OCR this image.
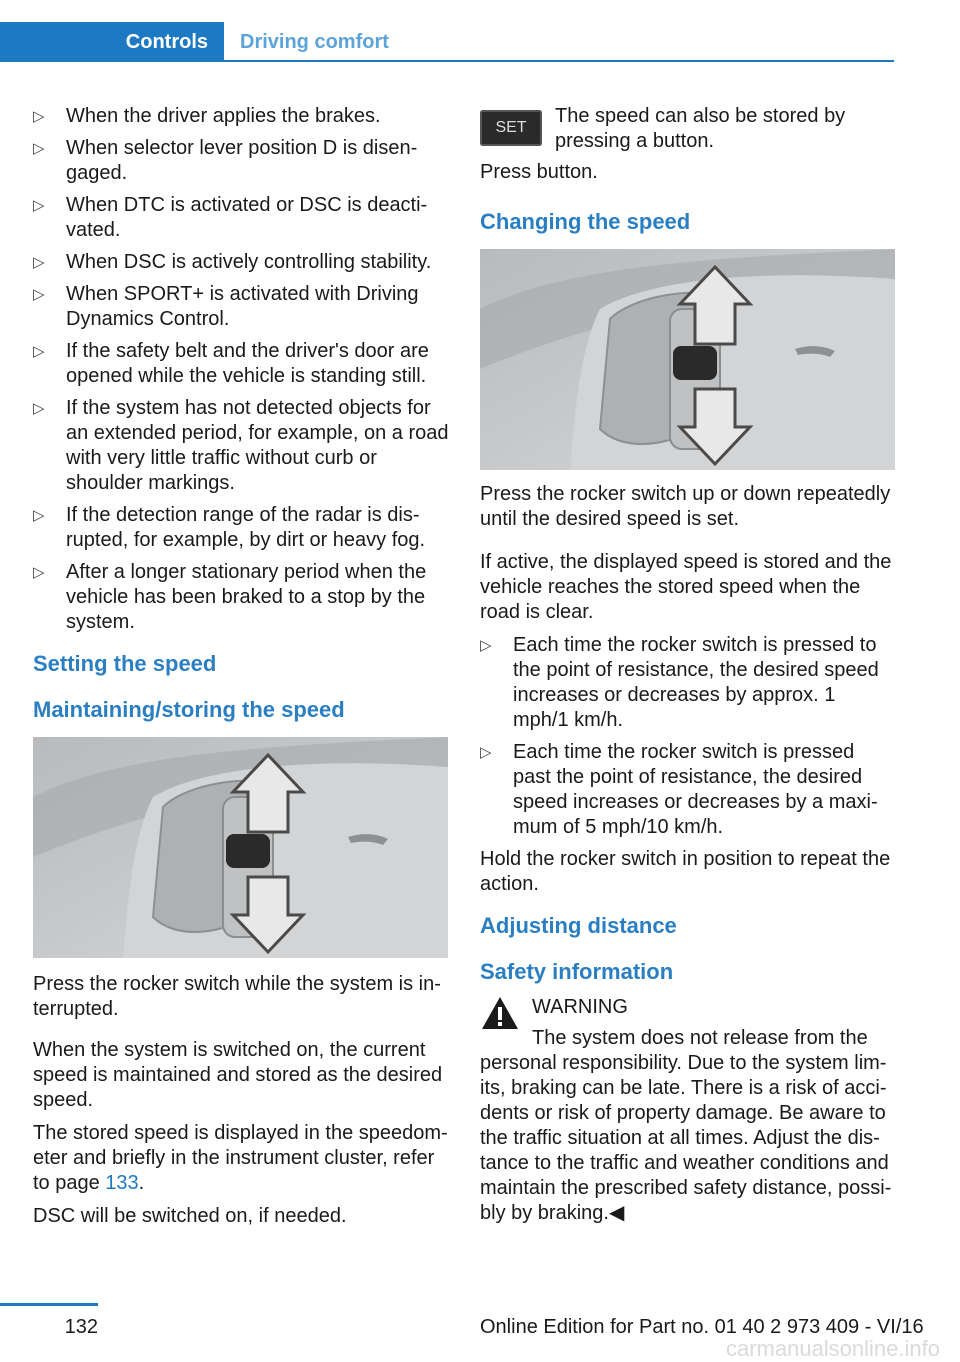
Controls	Driving comfort
▷ When the driver applies the brakes.
▷ When selector lever position D is disen-gaged.
▷ When DTC is activated or DSC is deacti-vated.
▷ When DSC is actively controlling stability.
▷ When SPORT+ is activated with Driving Dynamics Control.
▷ If the safety belt and the driver's door are opened while the vehicle is standing still.
▷ If the system has not detected objects for an extended period, for example, on a road with very little traffic without curb or shoulder markings.
▷ If the detection range of the radar is dis-rupted, for example, by dirt or heavy fog.
▷ After a longer stationary period when the vehicle has been braked to a stop by the system.
Setting the speed
Maintaining/storing the speed

Press the rocker switch while the system is in-terrupted.

When the system is switched on, the current speed is maintained and stored as the desired speed.

The stored speed is displayed in the speedom-eter and briefly in the instrument cluster, refer to page 133.

DSC will be switched on, if needed.

SET

The speed can also be stored by pressing a button.

Press button.

Changing the speed

Press the rocker switch up or down repeatedly until the desired speed is set.

If active, the displayed speed is stored and the vehicle reaches the stored speed when the road is clear.

▷ Each time the rocker switch is pressed to the point of resistance, the desired speed increases or decreases by approx. 1 mph/1 km/h.
▷ Each time the rocker switch is pressed past the point of resistance, the desired speed increases or decreases by a maxi-mum of 5 mph/10 km/h.

Hold the rocker switch in position to repeat the action.

Adjusting distance
Safety information

WARNING

The system does not release from the personal responsibility. Due to the system lim-its, braking can be late. There is a risk of acci-dents or risk of property damage. Be aware to the traffic situation at all times. Adjust the dis-tance to the traffic and weather conditions and maintain the prescribed safety distance, possi-bly by braking.◀

132	Online Edition for Part no. 01 40 2 973 409 - VI/16
carmanualsonline.info
